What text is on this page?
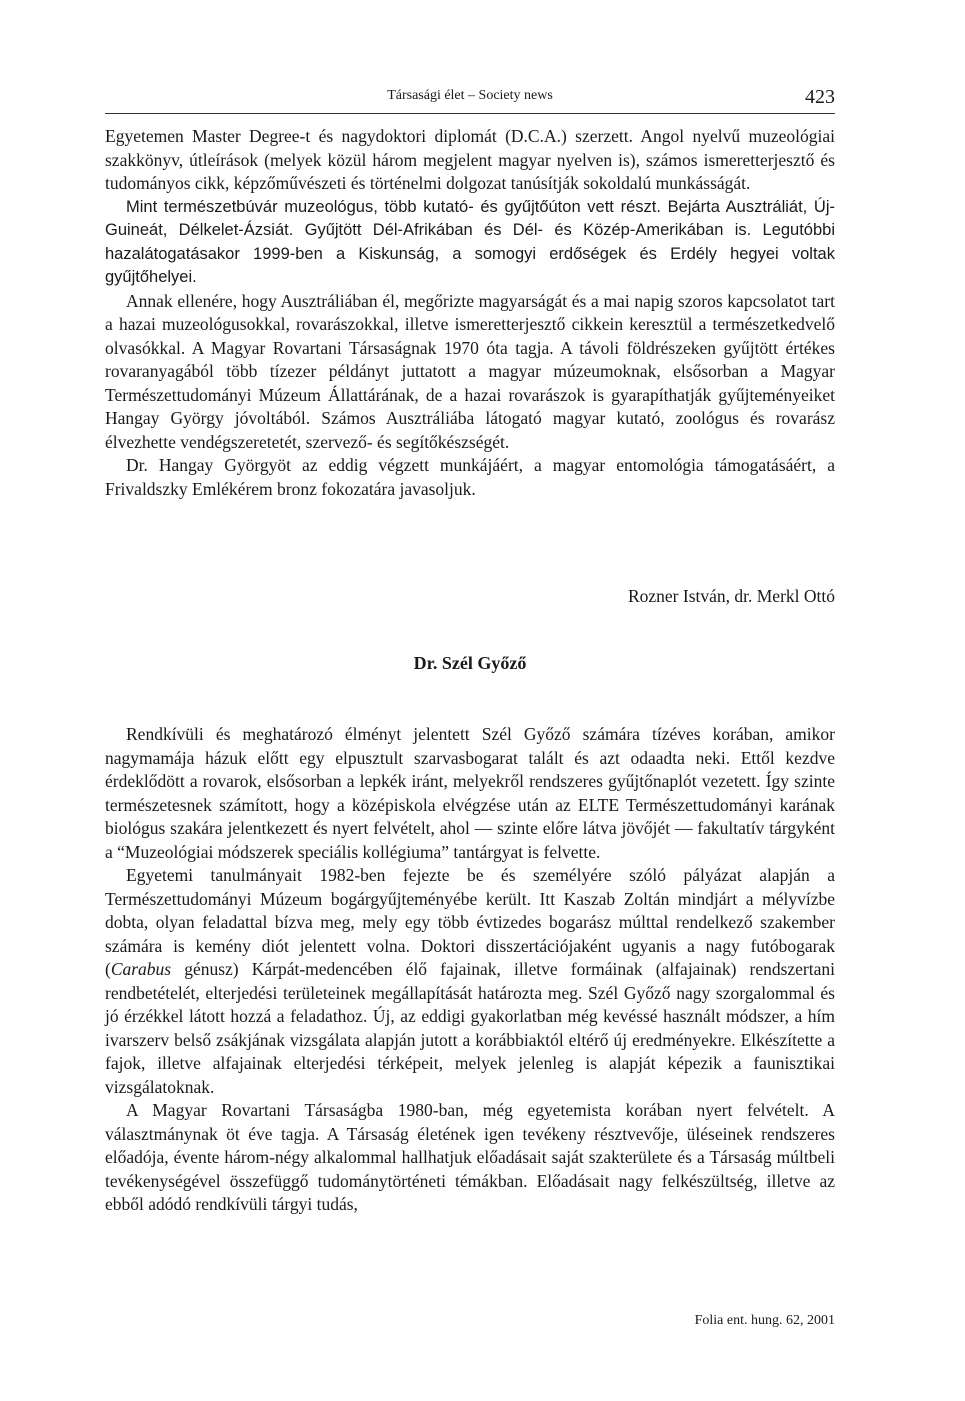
Társasági élet – Society news	423

Egyetemen Master Degree-t és nagydoktori diplomát (D.C.A.) szerzett. Angol nyelvű muzeológiai szakkönyv, útleírások (melyek közül három megjelent magyar nyelven is), számos ismeretterjesztő és tudományos cikk, képzőművészeti és történelmi dolgozat tanúsítják sokoldalú munkásságát.

Mint természetbúvár muzeológus, több kutató- és gyűjtőúton vett részt. Bejárta Ausztráliát, Új-Guineát, Délkelet-Ázsiát. Gyűjtött Dél-Afrikában és Dél- és Közép-Amerikában is. Legutóbbi hazalátogatásakor 1999-ben a Kiskunság, a somogyi erdőségek és Erdély hegyei voltak gyűjtőhelyei.

Annak ellenére, hogy Ausztráliában él, megőrizte magyarságát és a mai napig szoros kapcsolatot tart a hazai muzeológusokkal, rovarászokkal, illetve ismeretterjesztő cikkein keresztül a természetkedvelő olvasókkal. A Magyar Rovartani Társaságnak 1970 óta tagja. A távoli földrészeken gyűjtött értékes rovaranyagából több tízezer példányt juttatott a magyar múzeumoknak, elsősorban a Magyar Természettudományi Múzeum Állattárának, de a hazai rovarászok is gyarapíthatják gyűjteményeiket Hangay György jóvoltából. Számos Ausztráliába látogató magyar kutató, zoológus és rovarász élvezhette vendégszeretetét, szervező- és segítőkészségét.

Dr. Hangay Györgyöt az eddig végzett munkájáért, a magyar entomológia támogatásáért, a Frivaldszky Emlékérem bronz fokozatára javasoljuk.

Rozner István, dr. Merkl Ottó
Dr. Szél Győző

Rendkívüli és meghatározó élményt jelentett Szél Győző számára tízéves korában, amikor nagymamája házuk előtt egy elpusztult szarvasbogarat talált és azt odaadta neki. Ettől kezdve érdeklődött a rovarok, elsősorban a lepkék iránt, melyekről rendszeres gyűjtőnaplót vezetett. Így szinte természetesnek számított, hogy a középiskola elvégzése után az ELTE Természettudományi karának biológus szakára jelentkezett és nyert felvételt, ahol — szinte előre látva jövőjét — fakultatív tárgyként a “Muzeológiai módszerek speciális kollégiuma” tantárgyat is felvette.

Egyetemi tanulmányait 1982-ben fejezte be és személyére szóló pályázat alapján a Természettudományi Múzeum bogárgyűjteményébe került. Itt Kaszab Zoltán mindjárt a mélyvízbe dobta, olyan feladattal bízva meg, mely egy több évtizedes bogarász múlttal rendelkező szakember számára is kemény diót jelentett volna. Doktori disszertációjaként ugyanis a nagy futóbogarak (Carabus génusz) Kárpát-medencében élő fajainak, illetve formáinak (alfajainak) rendszertani rendbetételét, elterjedési területeinek megállapítását határozta meg. Szél Győző nagy szorgalommal és jó érzékkel látott hozzá a feladathoz. Új, az eddigi gyakorlatban még kevéssé használt módszer, a hím ivarszerv belső zsákjának vizsgálata alapján jutott a korábbiaktól eltérő új eredményekre. Elkészítette a fajok, illetve alfajainak elterjedési térképeit, melyek jelenleg is alapját képezik a faunisztikai vizsgálatoknak.

A Magyar Rovartani Társaságba 1980-ban, még egyetemista korában nyert felvételt. A választmánynak öt éve tagja. A Társaság életének igen tevékeny résztvevője, üléseinek rendszeres előadója, évente három-négy alkalommal hallhatjuk előadásait saját szakterülete és a Társaság múltbeli tevékenységével összefüggő tudománytörténeti témákban. Előadásait nagy felkészültség, illetve az ebből adódó rendkívüli tárgyi tudás,

Folia ent. hung. 62, 2001
